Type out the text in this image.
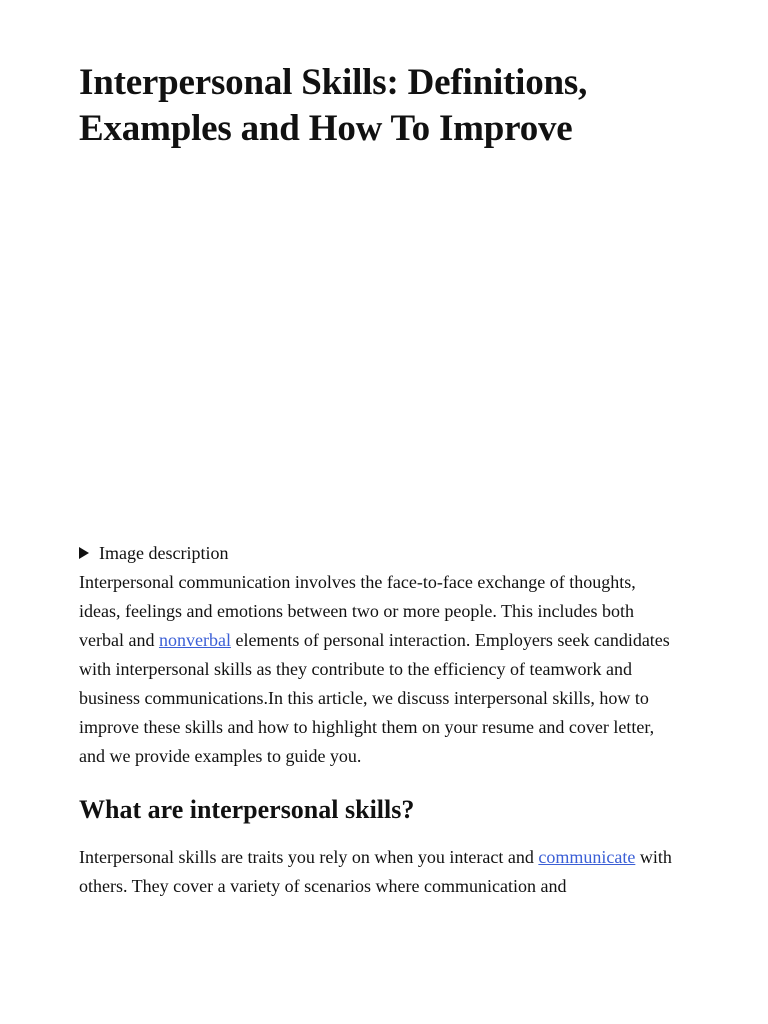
Interpersonal Skills: Definitions, Examples and How To Improve
Image description

Interpersonal communication involves the face-to-face exchange of thoughts, ideas, feelings and emotions between two or more people. This includes both verbal and nonverbal elements of personal interaction. Employers seek candidates with interpersonal skills as they contribute to the efficiency of teamwork and business communications.In this article, we discuss interpersonal skills, how to improve these skills and how to highlight them on your resume and cover letter, and we provide examples to guide you.

What are interpersonal skills?

Interpersonal skills are traits you rely on when you interact and communicate with others. They cover a variety of scenarios where communication and
